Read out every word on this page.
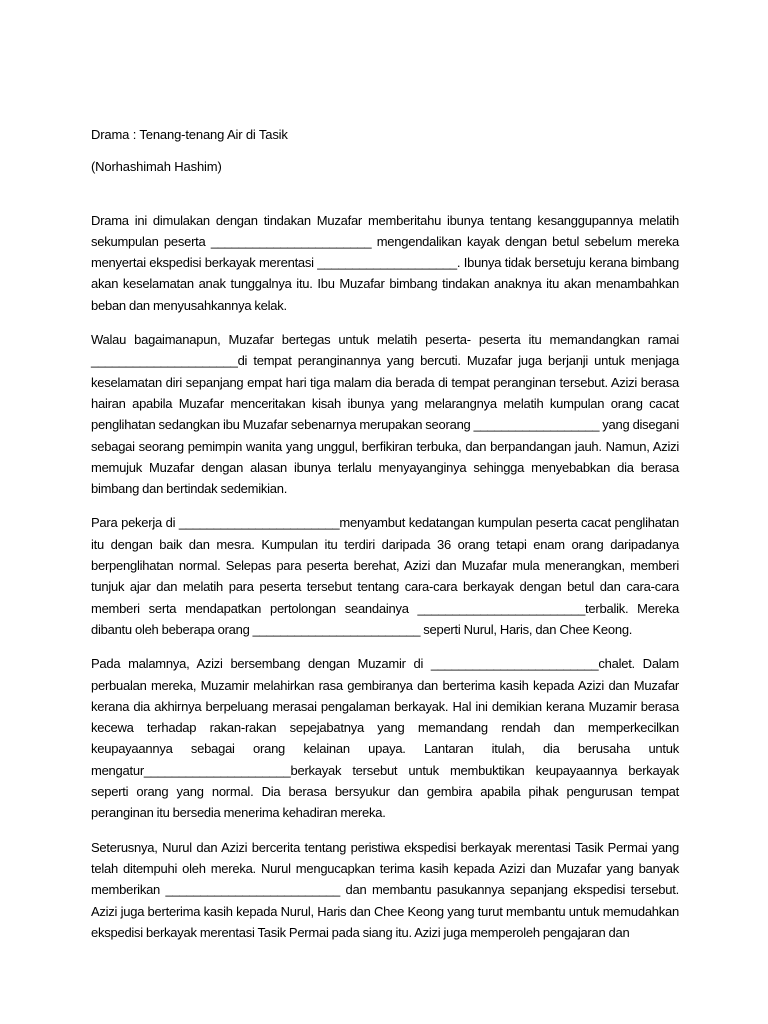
Drama : Tenang-tenang Air di Tasik

(Norhashimah Hashim)

Drama ini dimulakan dengan tindakan Muzafar memberitahu ibunya tentang kesanggupannya melatih sekumpulan peserta _______________________ mengendalikan kayak dengan betul sebelum mereka menyertai ekspedisi berkayak merentasi ____________________. Ibunya tidak bersetuju kerana bimbang akan keselamatan anak tunggalnya itu. Ibu Muzafar bimbang tindakan anaknya itu akan menambahkan beban dan menyusahkannya kelak.

Walau bagaimanapun, Muzafar bertegas untuk melatih peserta- peserta itu memandangkan ramai _____________________di tempat peranginannya yang bercuti. Muzafar juga berjanji untuk menjaga keselamatan diri sepanjang empat hari tiga malam dia berada di tempat peranginan tersebut. Azizi berasa hairan apabila Muzafar menceritakan kisah ibunya yang melarangnya melatih kumpulan orang cacat penglihatan sedangkan ibu Muzafar sebenarnya merupakan seorang __________________ yang disegani sebagai seorang pemimpin wanita yang unggul, berfikiran terbuka, dan berpandangan jauh. Namun, Azizi memujuk Muzafar dengan alasan ibunya terlalu menyayanginya sehingga menyebabkan dia berasa bimbang dan bertindak sedemikian.

Para pekerja di _______________________menyambut kedatangan kumpulan peserta cacat penglihatan itu dengan baik dan mesra. Kumpulan itu terdiri daripada 36 orang tetapi enam orang daripadanya berpenglihatan normal. Selepas para peserta berehat, Azizi dan Muzafar mula menerangkan, memberi tunjuk ajar dan melatih para peserta tersebut tentang cara-cara berkayak dengan betul dan cara-cara memberi serta mendapatkan pertolongan seandainya ________________________terbalik. Mereka dibantu oleh beberapa orang ________________________ seperti Nurul, Haris, dan Chee Keong.

Pada malamnya, Azizi bersembang dengan Muzamir di ________________________chalet. Dalam perbualan mereka, Muzamir melahirkan rasa gembiranya dan berterima kasih kepada Azizi dan Muzafar kerana dia akhirnya berpeluang merasai pengalaman berkayak. Hal ini demikian kerana Muzamir berasa kecewa terhadap rakan-rakan sepejabatnya yang memandang rendah dan memperkecilkan keupayaannya sebagai orang kelainan upaya. Lantaran itulah, dia berusaha untuk mengatur_____________________berkayak tersebut untuk membuktikan keupayaannya berkayak seperti orang yang normal. Dia berasa bersyukur dan gembira apabila pihak pengurusan tempat peranginan itu bersedia menerima kehadiran mereka.

Seterusnya, Nurul dan Azizi bercerita tentang peristiwa ekspedisi berkayak merentasi Tasik Permai yang telah ditempuhi oleh mereka. Nurul mengucapkan terima kasih kepada Azizi dan Muzafar yang banyak memberikan _________________________ dan membantu pasukannya sepanjang ekspedisi tersebut. Azizi juga berterima kasih kepada Nurul, Haris dan Chee Keong yang turut membantu untuk memudahkan ekspedisi berkayak merentasi Tasik Permai pada siang itu. Azizi juga memperoleh pengajaran dan
